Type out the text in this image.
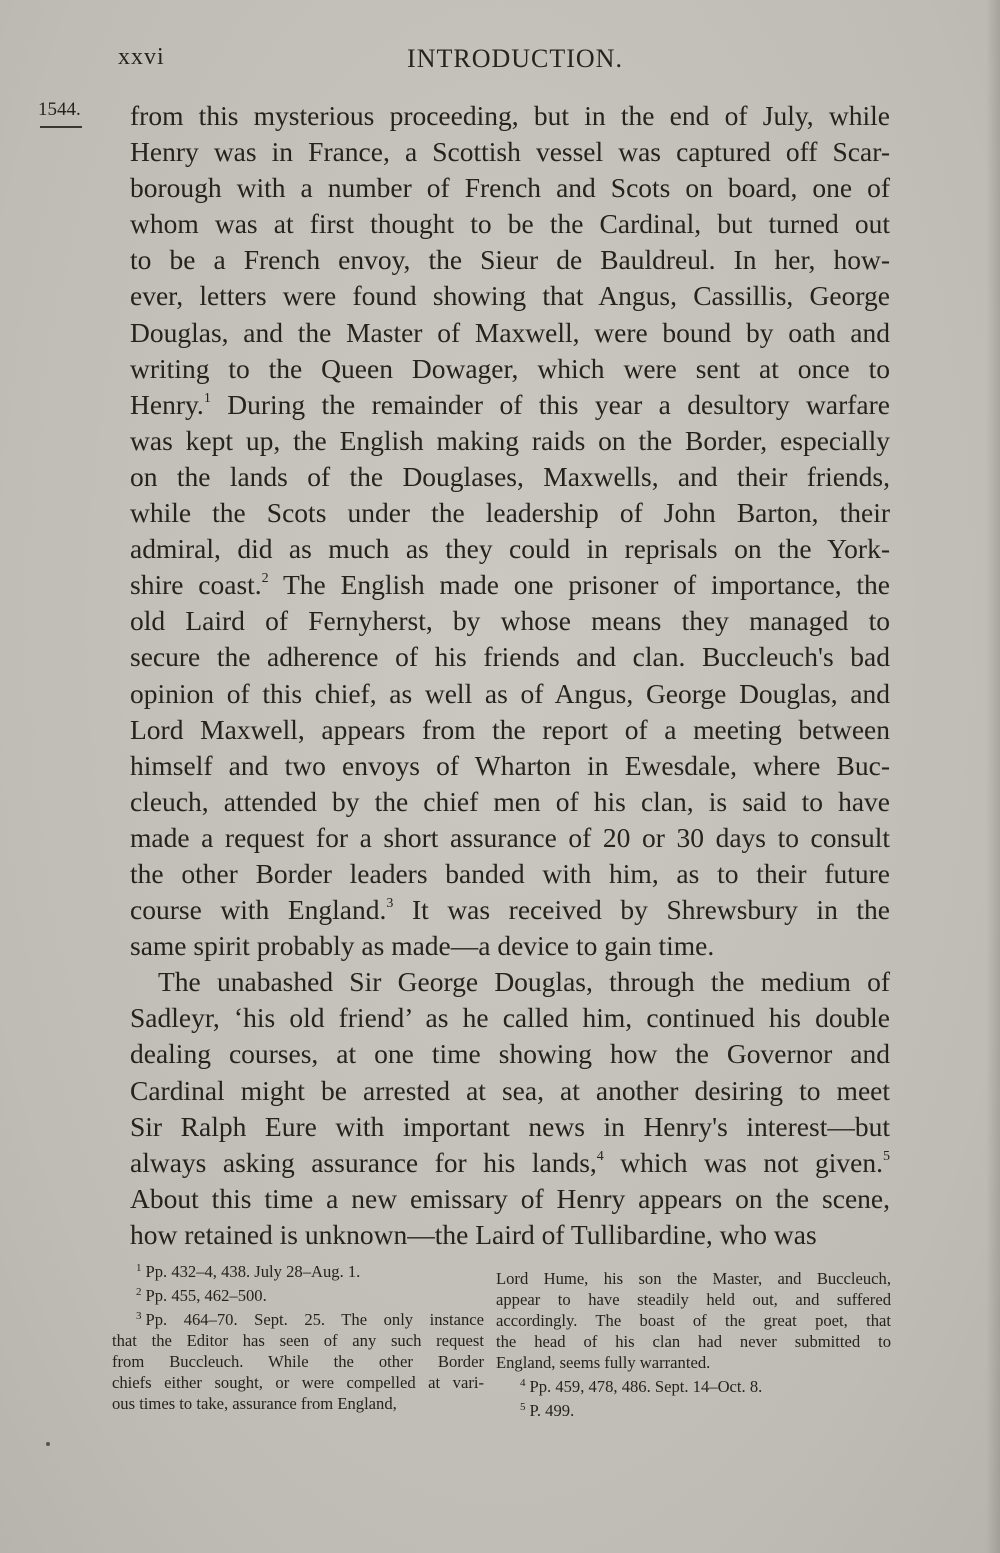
xxvi	INTRODUCTION.
1544. from this mysterious proceeding, but in the end of July, while
Henry was in France, a Scottish vessel was captured off Scar-
borough with a number of French and Scots on board, one of
whom was at first thought to be the Cardinal, but turned out
to be a French envoy, the Sieur de Bauldreul. In her, how-
ever, letters were found showing that Angus, Cassillis, George
Douglas, and the Master of Maxwell, were bound by oath and
writing to the Queen Dowager, which were sent at once to
Henry.$^1$ During the remainder of this year a desultory warfare
was kept up, the English making raids on the Border, especially
on the lands of the Douglases, Maxwells, and their friends,
while the Scots under the leadership of John Barton, their
admiral, did as much as they could in reprisals on the York-
shire coast.$^2$ The English made one prisoner of importance, the
old Laird of Fernyherst, by whose means they managed to
secure the adherence of his friends and clan. Buccleuch's bad
opinion of this chief, as well as of Angus, George Douglas, and
Lord Maxwell, appears from the report of a meeting between
himself and two envoys of Wharton in Ewesdale, where Buc-
cleuch, attended by the chief men of his clan, is said to have
made a request for a short assurance of 20 or 30 days to consult
the other Border leaders banded with him, as to their future
course with England.$^3$ It was received by Shrewsbury in the
same spirit probably as made—a device to gain time.
The unabashed Sir George Douglas, through the medium of
Sadleyr, ‘his old friend’ as he called him, continued his double
dealing courses, at one time showing how the Governor and
Cardinal might be arrested at sea, at another desiring to meet
Sir Ralph Eure with important news in Henry's interest—but
always asking assurance for his lands,$^4$ which was not given.$^5$
About this time a new emissary of Henry appears on the scene,
how retained is unknown—the Laird of Tullibardine, who was
$^1$ Pp. 432–4, 438. July 28–Aug. 1.
$^2$ Pp. 455, 462–500.
$^3$ Pp. 464–70. Sept. 25. The only instance
that the Editor has seen of any such request
from Buccleuch. While the other Border
chiefs either sought, or were compelled at vari-
ous times to take, assurance from England,
Lord Hume, his son the Master, and Buccleuch,
appear to have steadily held out, and suffered
accordingly. The boast of the great poet, that
the head of his clan had never submitted to
England, seems fully warranted.
$^4$ Pp. 459, 478, 486. Sept. 14–Oct. 8.
$^5$ P. 499.
